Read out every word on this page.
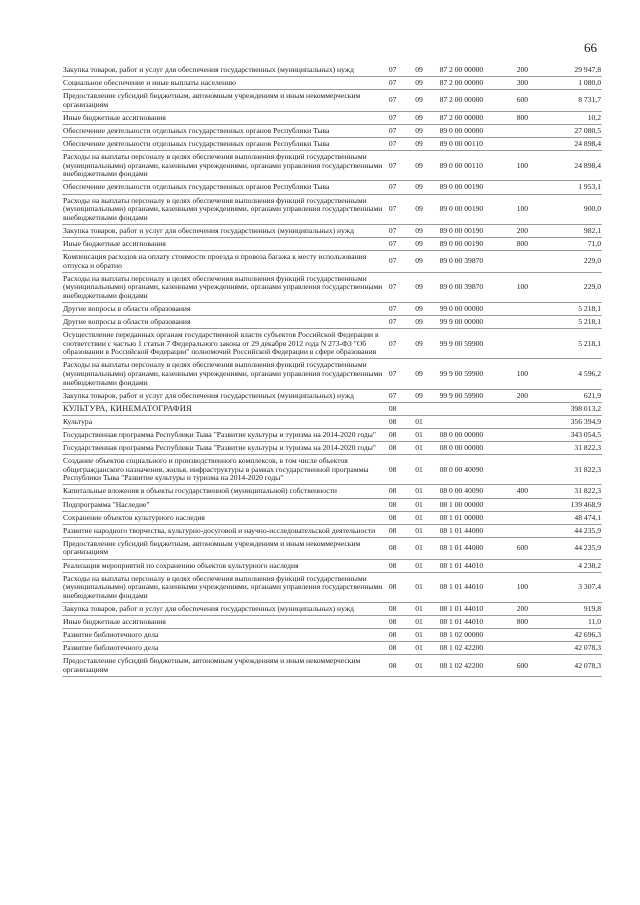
66
Закупка товаров, работ и услуг для обеспечения государственных (муниципальных) нужд	07	09	87 2 00 00000	200	29 947,8
Социальное обеспечение и иные выплаты населению	07	09	87 2 00 00000	300	1 080,0
Предоставление субсидий бюджетным, автономным учреждениям и иным некоммерческим организациям	07	09	87 2 00 00000	600	8 731,7
Иные бюджетные ассигнования	07	09	87 2 00 00000	800	10,2
Обеспечение деятельности отдельных государственных органов Республики Тыва	07	09	89 0 00 00000		27 080,5
Обеспечение деятельности отдельных государственных органов Республики Тыва	07	09	89 0 00 00110		24 898,4
Расходы на выплаты персоналу в целях обеспечения выполнения функций государственными (муниципальными) органами, казенными учреждениями, органами управления государственными внебюджетными фондами	07	09	89 0 00 00110	100	24 898,4
Обеспечение деятельности отдельных государственных органов Республики Тыва	07	09	89 0 00 00190		1 953,1
Расходы на выплаты персоналу в целях обеспечения выполнения функций государственными (муниципальными) органами, казенными учреждениями, органами управления государственными внебюджетными фондами	07	09	89 0 00 00190	100	900,0
Закупка товаров, работ и услуг для обеспечения государственных (муниципальных) нужд	07	09	89 0 00 00190	200	982,1
Иные бюджетные ассигнования	07	09	89 0 00 00190	800	71,0
Компенсация расходов на оплату стоимости проезда и провоза багажа к месту использования отпуска и обратно	07	09	89 0 00 39870		229,0
Расходы на выплаты персоналу в целях обеспечения выполнения функций государственными (муниципальными) органами, казенными учреждениями, органами управления государственными внебюджетными фондами	07	09	89 0 00 39870	100	229,0
Другие вопросы в области образования	07	09	99 0 00 00000		5 218,1
Другие вопросы в области образования	07	09	99 9 00 00000		5 218,1
Осуществление переданных органам государственной власти субъектов Российской Федерации в соответствии с частью 1 статьи 7 Федерального закона от 29 декабря 2012 года N 273-ФЗ "Об образовании в Российской Федерации" полномочий Российской Федерации в сфере образования	07	09	99 9 00 59900		5 218,1
Расходы на выплаты персоналу в целях обеспечения выполнения функций государственными (муниципальными) органами, казенными учреждениями, органами управления государственными внебюджетными фондами	07	09	99 9 00 59900	100	4 596,2
Закупка товаров, работ и услуг для обеспечения государственных (муниципальных) нужд	07	09	99 9 00 59900	200	621,9
КУЛЬТУРА, КИНЕМАТОГРАФИЯ	08				398 013,2
Культура	08	01			356 394,9
Государственная программа Республики Тыва "Развитие культуры и туризма на 2014-2020 годы"	08	01	08 0 00 00000		343 054,5
Государственная программа Республики Тыва "Развитие культуры и туризма на 2014-2020 годы"	08	01	08 0 00 00000		31 822,3
Создание объектов социального и производственного комплексов, в том числе объектов общегражданского назначения, жилья, инфраструктуры в рамках государственной программы Республики Тыва "Развитие культуры и туризма на 2014-2020 годы"	08	01	08 0 00 40090		31 822,3
Капитальные вложения в объекты государственной (муниципальной) собственности	08	01	08 0 00 40090	400	31 822,3
Подпрограмма "Наследие"	08	01	08 1 00 00000		139 468,9
Сохранение объектов культурного наследия	08	01	08 1 01 00000		48 474,1
Развитие народного творчества, культурно-досуговой и научно-исследовательской деятельности	08	01	08 1 01 44000		44 235,9
Предоставление субсидий бюджетным, автономным учреждениям и иным некоммерческим организациям	08	01	08 1 01 44000	600	44 235,9
Реализация мероприятий по сохранению объектов культурного наследия	08	01	08 1 01 44010		4 238,2
Расходы на выплаты персоналу в целях обеспечения выполнения функций государственными (муниципальными) органами, казенными учреждениями, органами управления государственными внебюджетными фондами	08	01	08 1 01 44010	100	3 307,4
Закупка товаров, работ и услуг для обеспечения государственных (муниципальных) нужд	08	01	08 1 01 44010	200	919,8
Иные бюджетные ассигнования	08	01	08 1 01 44010	800	11,0
Развитие библиотечного дела	08	01	08 1 02 00000		42 696,3
Развитие библиотечного дела	08	01	08 1 02 42200		42 078,3
Предоставление субсидий бюджетным, автономным учреждениям и иным некоммерческим организациям	08	01	08 1 02 42200	600	42 078,3
